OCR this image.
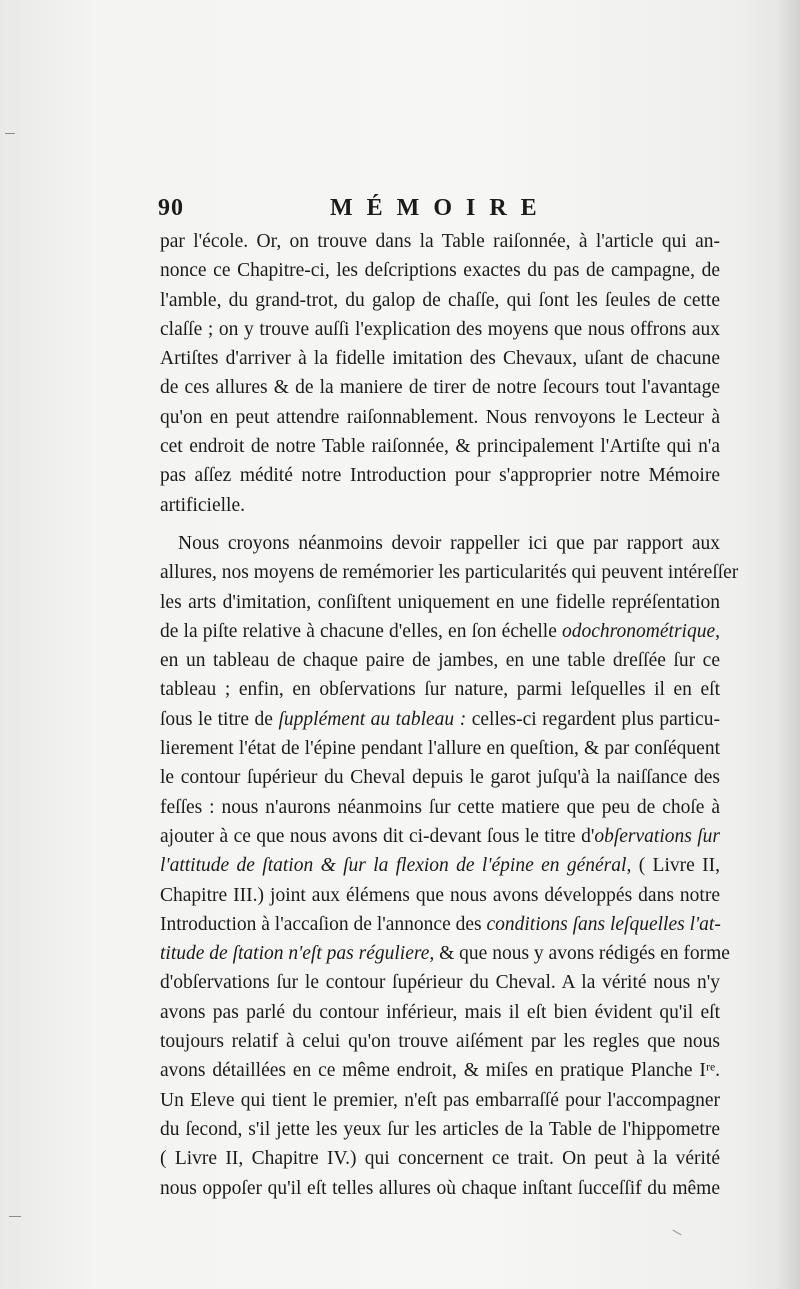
90	MÉMOIRE
par l'école. Or, on trouve dans la Table raiſonnée, à l'article qui an-
nonce ce Chapitre-ci, les deſcriptions exactes du pas de campagne, de
l'amble, du grand-trot, du galop de chaſſe, qui ſont les ſeules de cette
claſſe ; on y trouve auſſi l'explication des moyens que nous offrons aux
Artiſtes d'arriver à la fidelle imitation des Chevaux, uſant de chacune
de ces allures & de la maniere de tirer de notre ſecours tout l'avantage
qu'on en peut attendre raiſonnablement. Nous renvoyons le Lecteur à
cet endroit de notre Table raiſonnée, & principalement l'Artiſte qui n'a
pas aſſez médité notre Introduction pour s'approprier notre Mémoire
artificielle.
Nous croyons néanmoins devoir rappeller ici que par rapport aux
allures, nos moyens de remémorier les particularités qui peuvent intéreſſer
les arts d'imitation, conſiſtent uniquement en une fidelle repréſentation
de la piſte relative à chacune d'elles, en ſon échelle odochronométrique,
en un tableau de chaque paire de jambes, en une table dreſſée ſur ce
tableau ; enfin, en obſervations ſur nature, parmi leſquelles il en eſt
ſous le titre de ſupplément au tableau : celles-ci regardent plus particu-
lierement l'état de l'épine pendant l'allure en queſtion, & par conſéquent
le contour ſupérieur du Cheval depuis le garot juſqu'à la naiſſance des
feſſes : nous n'aurons néanmoins ſur cette matiere que peu de choſe à
ajouter à ce que nous avons dit ci-devant ſous le titre d'obſervations ſur
l'attitude de ſtation & ſur la flexion de l'épine en général, ( Livre II,
Chapitre III.) joint aux élémens que nous avons développés dans notre
Introduction à l'accaſion de l'annonce des conditions ſans leſquelles l'at-
titude de ſtation n'eſt pas réguliere, & que nous y avons rédigés en forme
d'obſervations ſur le contour ſupérieur du Cheval. A la vérité nous n'y
avons pas parlé du contour inférieur, mais il eſt bien évident qu'il eſt
toujours relatif à celui qu'on trouve aiſément par les regles que nous
avons détaillées en ce même endroit, & miſes en pratique Planche Iʳᵉ.
Un Eleve qui tient le premier, n'eſt pas embarraſſé pour l'accompagner
du ſecond, s'il jette les yeux ſur les articles de la Table de l'hippometre
( Livre II, Chapitre IV.) qui concernent ce trait. On peut à la vérité
nous oppoſer qu'il eſt telles allures où chaque inſtant ſucceſſif du même
